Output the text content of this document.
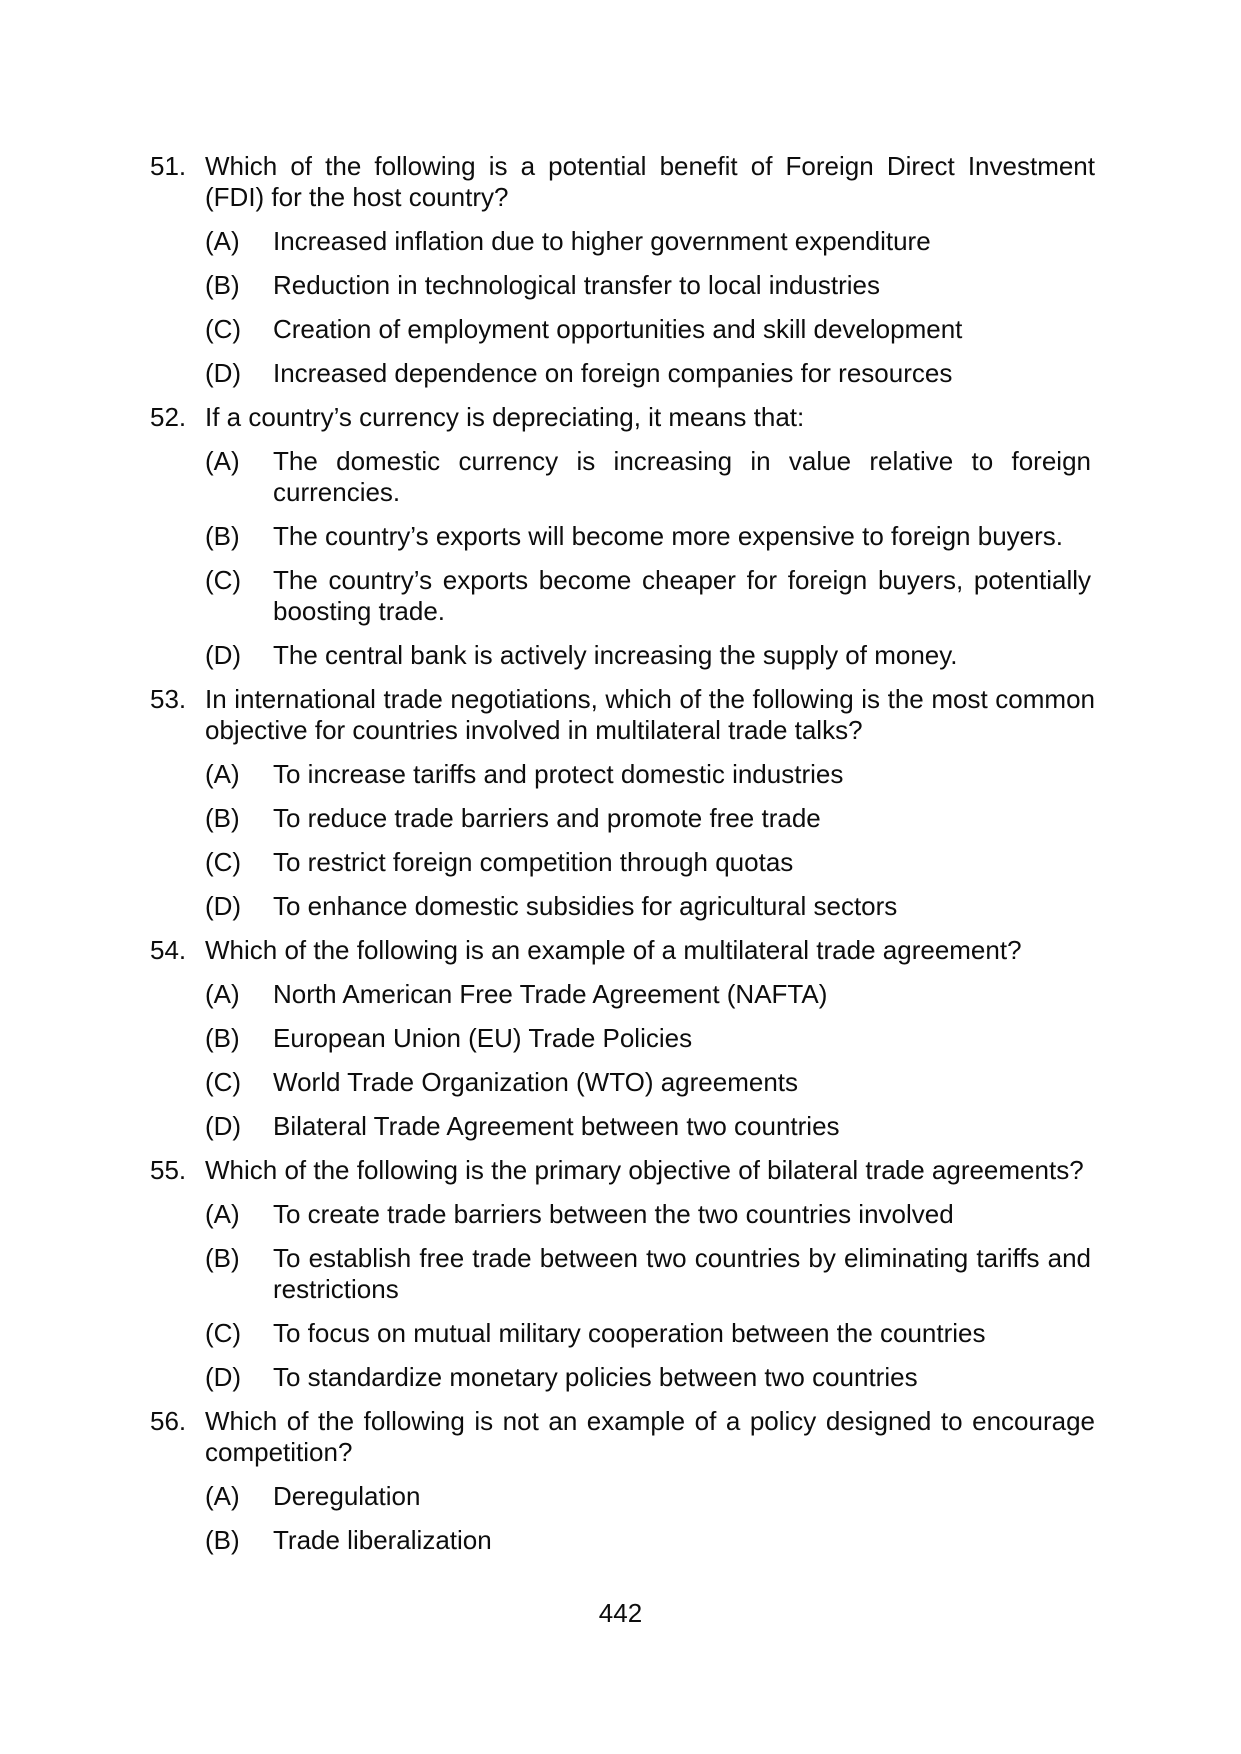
51. Which of the following is a potential benefit of Foreign Direct Investment (FDI) for the host country?

(A)	Increased inflation due to higher government expenditure

(B)	Reduction in technological transfer to local industries

(C)	Creation of employment opportunities and skill development

(D)	Increased dependence on foreign companies for resources

52. If a country’s currency is depreciating, it means that:

(A)	The domestic currency is increasing in value relative to foreign currencies.

(B)	The country’s exports will become more expensive to foreign buyers.

(C)	The country’s exports become cheaper for foreign buyers, potentially boosting trade.

(D)	The central bank is actively increasing the supply of money.

53. In international trade negotiations, which of the following is the most common objective for countries involved in multilateral trade talks?

(A)	To increase tariffs and protect domestic industries

(B)	To reduce trade barriers and promote free trade

(C)	To restrict foreign competition through quotas

(D)	To enhance domestic subsidies for agricultural sectors

54. Which of the following is an example of a multilateral trade agreement?

(A)	North American Free Trade Agreement (NAFTA)

(B)	European Union (EU) Trade Policies

(C)	World Trade Organization (WTO) agreements

(D)	Bilateral Trade Agreement between two countries

55. Which of the following is the primary objective of bilateral trade agreements?

(A)	To create trade barriers between the two countries involved

(B)	To establish free trade between two countries by eliminating tariffs and restrictions

(C)	To focus on mutual military cooperation between the countries

(D)	To standardize monetary policies between two countries

56. Which of the following is not an example of a policy designed to encourage competition?

(A)	Deregulation

(B)	Trade liberalization

442
